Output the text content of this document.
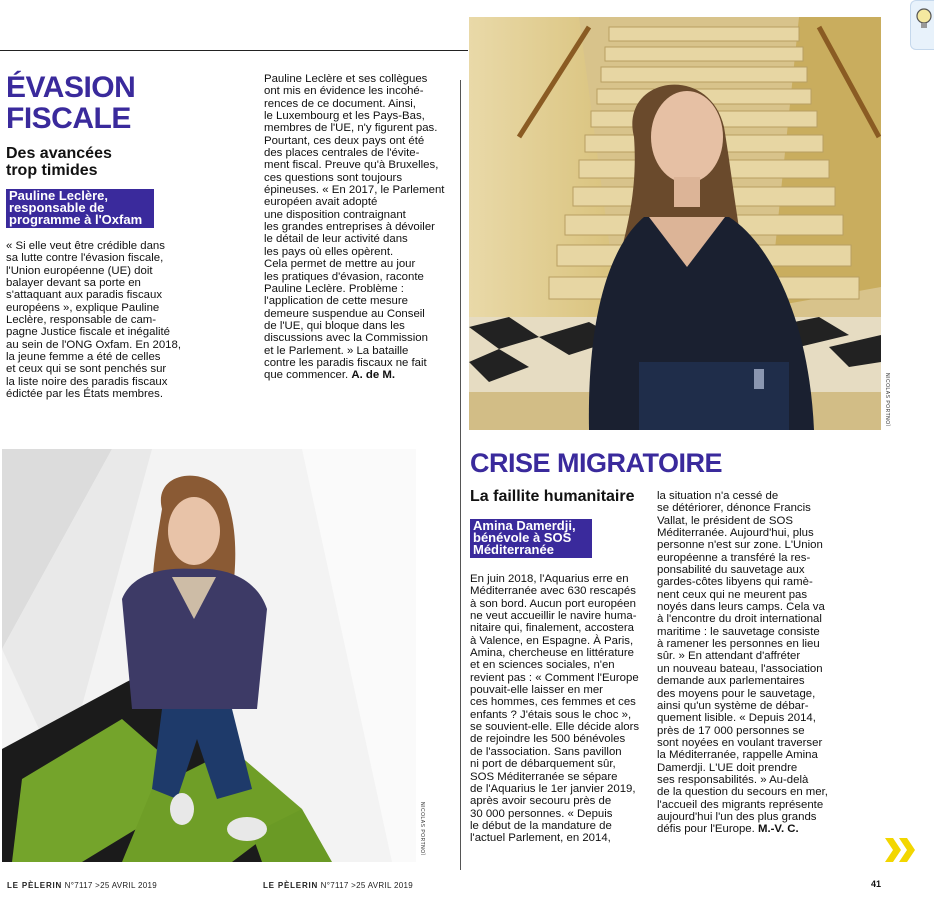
ÉVASION
FISCALE
Des avancées trop timides
Pauline Leclère, responsable de programme à l'Oxfam
« Si elle veut être crédible dans
sa lutte contre l'évasion fiscale,
l'Union européenne (UE) doit
balayer devant sa porte en
s'attaquant aux paradis fiscaux
européens », explique Pauline
Leclère, responsable de cam-
pagne Justice fiscale et inégalité
au sein de l'ONG Oxfam. En 2018,
la jeune femme a été de celles
et ceux qui se sont penchés sur
la liste noire des paradis fiscaux
édictée par les États membres.
Pauline Leclère et ses collègues
ont mis en évidence les incohé-
rences de ce document. Ainsi,
le Luxembourg et les Pays-Bas,
membres de l'UE, n'y figurent pas.
Pourtant, ces deux pays ont été
des places centrales de l'évite-
ment fiscal. Preuve qu'à Bruxelles,
ces questions sont toujours
épineuses. « En 2017, le Parlement
européen avait adopté
une disposition contraignant
les grandes entreprises à dévoiler
le détail de leur activité dans
les pays où elles opèrent.
Cela permet de mettre au jour
les pratiques d'évasion, raconte
Pauline Leclère. Problème :
l'application de cette mesure
demeure suspendue au Conseil
de l'UE, qui bloque dans les
discussions avec la Commission
et le Parlement. » La bataille
contre les paradis fiscaux ne fait
que commencer. A. de M.	NICOLAS PORTNOÏ
NICOLAS PORTNOÏ
CRISE MIGRATOIRE
La faillite humanitaire
Amina Damerdji, bénévole à SOS Méditerranée
En juin 2018, l'Aquarius erre en
Méditerranée avec 630 rescapés
à son bord. Aucun port européen
ne veut accueillir le navire huma-
nitaire qui, finalement, accostera
à Valence, en Espagne. À Paris,
Amina, chercheuse en littérature
et en sciences sociales, n'en
revient pas : « Comment l'Europe
pouvait-elle laisser en mer
ces hommes, ces femmes et ces
enfants ? J'étais sous le choc »,
se souvient-elle. Elle décide alors
de rejoindre les 500 bénévoles
de l'association. Sans pavillon
ni port de débarquement sûr,
SOS Méditerranée se sépare
de l'Aquarius le 1er janvier 2019,
après avoir secouru près de
30 000 personnes. « Depuis
le début de la mandature de
l'actuel Parlement, en 2014,
la situation n'a cessé de
se détériorer, dénonce Francis
Vallat, le président de SOS
Méditerranée. Aujourd'hui, plus
personne n'est sur zone. L'Union
européenne a transféré la res-
ponsabilité du sauvetage aux
gardes-côtes libyens qui ramè-
nent ceux qui ne meurent pas
noyés dans leurs camps. Cela va
à l'encontre du droit international
maritime : le sauvetage consiste
à ramener les personnes en lieu
sûr. » En attendant d'affréter
un nouveau bateau, l'association
demande aux parlementaires
des moyens pour le sauvetage,
ainsi qu'un système de débar-
quement lisible. « Depuis 2014,
près de 17 000 personnes se
sont noyées en voulant traverser
la Méditerranée, rappelle Amina
Damerdji. L'UE doit prendre
ses responsabilités. » Au-delà
de la question du secours en mer,
l'accueil des migrants représente
aujourd'hui l'un des plus grands
défis pour l'Europe. M.-V. C.
LE PÈLERIN N°7117 >25 AVRIL 2019	LE PÈLERIN N°7117 >25 AVRIL 2019	41
